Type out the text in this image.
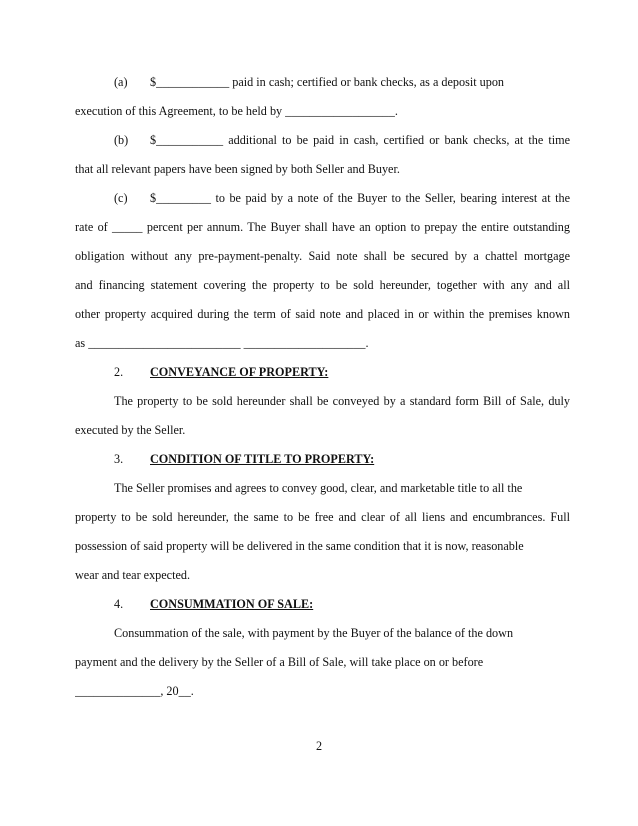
(a) $____________ paid in cash; certified or bank checks, as a deposit upon
execution of this Agreement, to be held by __________________.
(b) $___________ additional to be paid in cash, certified or bank checks, at the time
that all relevant papers have been signed by both Seller and Buyer.
(c) $_________ to be paid by a note of the Buyer to the Seller, bearing interest at the
rate of _____ percent per annum. The Buyer shall have an option to prepay the entire outstanding
obligation without any pre-payment-penalty. Said note shall be secured by a chattel mortgage
and financing statement covering the property to be sold hereunder, together with any and all
other property acquired during the term of said note and placed in or within the premises known
as _________________________ ____________________.
2. CONVEYANCE OF PROPERTY:
The property to be sold hereunder shall be conveyed by a standard form Bill of Sale, duly
executed by the Seller.
3. CONDITION OF TITLE TO PROPERTY:
The Seller promises and agrees to convey good, clear, and marketable title to all the
property to be sold hereunder, the same to be free and clear of all liens and encumbrances. Full
possession of said property will be delivered in the same condition that it is now, reasonable
wear and tear expected.
4. CONSUMMATION OF SALE:
Consummation of the sale, with payment by the Buyer of the balance of the down
payment and the delivery by the Seller of a Bill of Sale, will take place on or before
______________, 20__.
2
